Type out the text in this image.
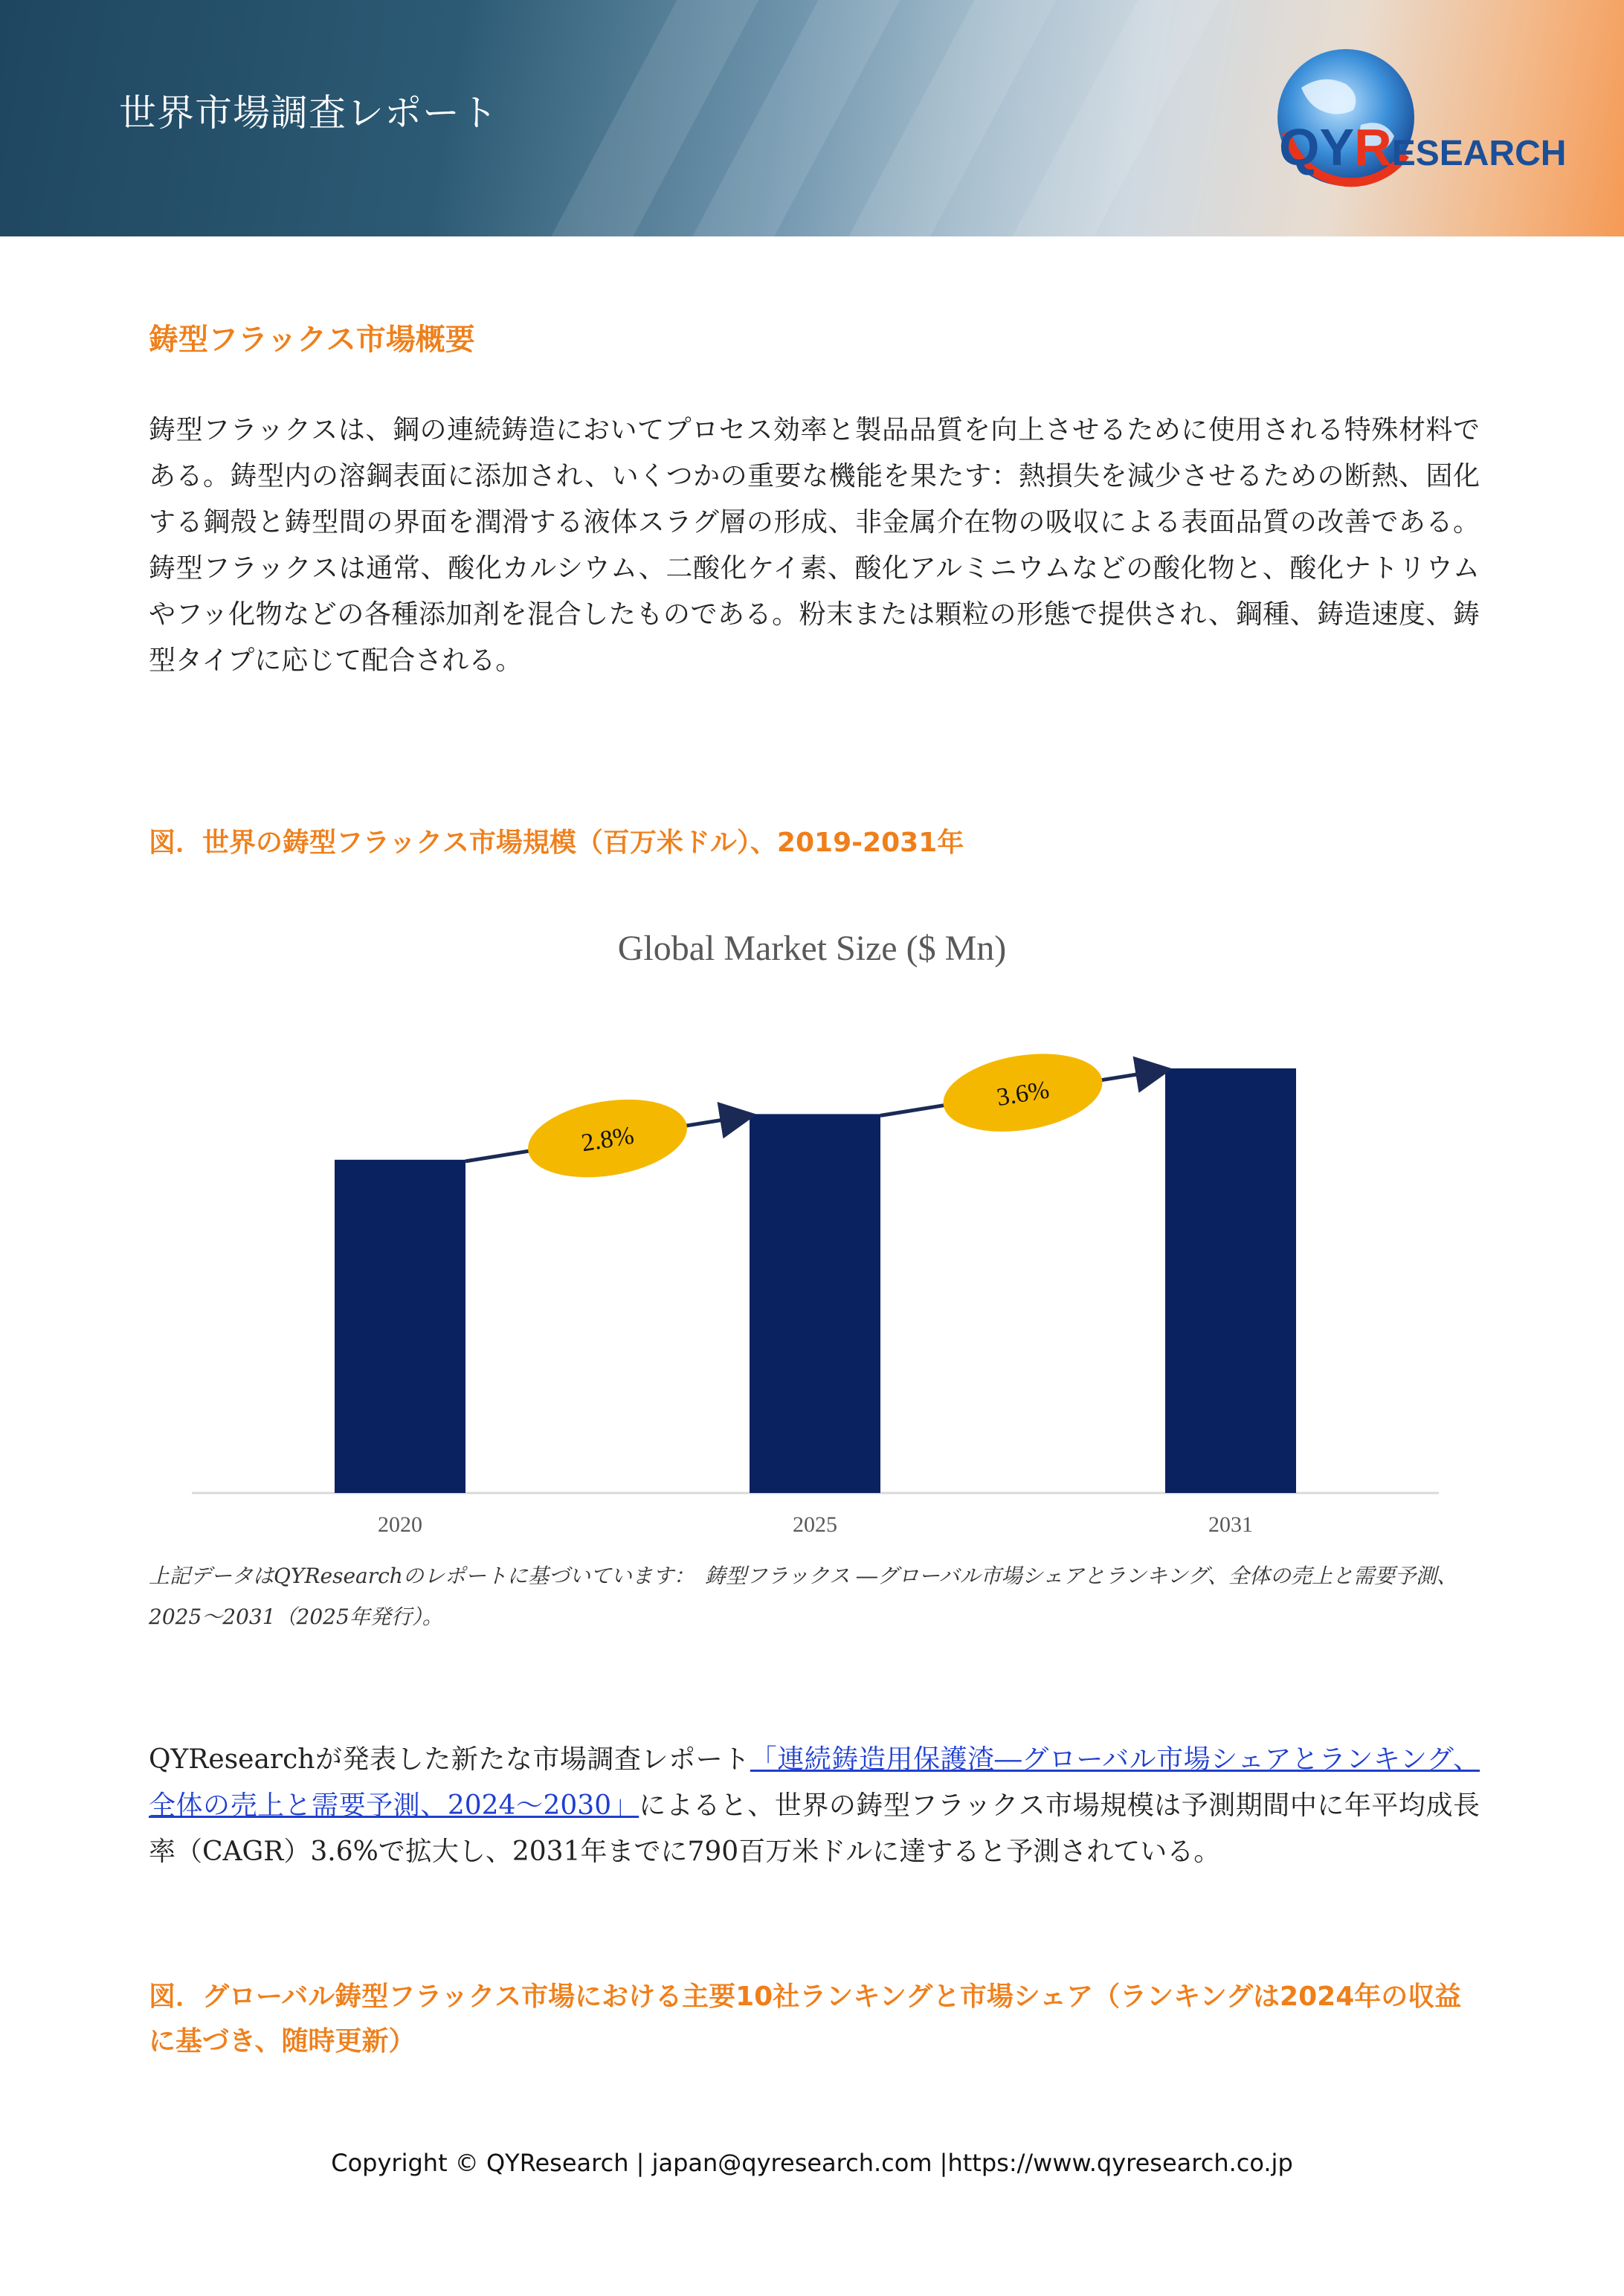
世界市場調査レポート
QYRESEARCH
鋳型フラックス市場概要
鋳型フラックスは、鋼の連続鋳造においてプロセス効率と製品品質を向上させるために使用される特殊材料である。鋳型内の溶鋼表面に添加され、いくつかの重要な機能を果たす：熱損失を減少させるための断熱、固化する鋼殻と鋳型間の界面を潤滑する液体スラグ層の形成、非金属介在物の吸収による表面品質の改善である。鋳型フラックスは通常、酸化カルシウム、二酸化ケイ素、酸化アルミニウムなどの酸化物と、酸化ナトリウムやフッ化物などの各種添加剤を混合したものである。粉末または顆粒の形態で提供され、鋼種、鋳造速度、鋳型タイプに応じて配合される。
図．世界の鋳型フラックス市場規模（百万米ドル）、2019-2031年
Global Market Size ($ Mn)
2020	2025	2031
2.8%
3.6%
上記データはQYResearchのレポートに基づいています：　鋳型フラックス ―グローバル市場シェアとランキング、全体の売上と需要予測、2025～2031（2025年発行）。
QYResearchが発表した新たな市場調査レポート「連続鋳造用保護渣―グローバル市場シェアとランキング、全体の売上と需要予測、2024～2030」によると、世界の鋳型フラックス市場規模は予測期間中に年平均成長率（CAGR）3.6%で拡大し、2031年までに790百万米ドルに達すると予測されている。
図．グローバル鋳型フラックス市場における主要10社ランキングと市場シェア（ランキングは2024年の収益に基づき、随時更新）
Copyright © QYResearch | japan@qyresearch.com |https://www.qyresearch.co.jp
